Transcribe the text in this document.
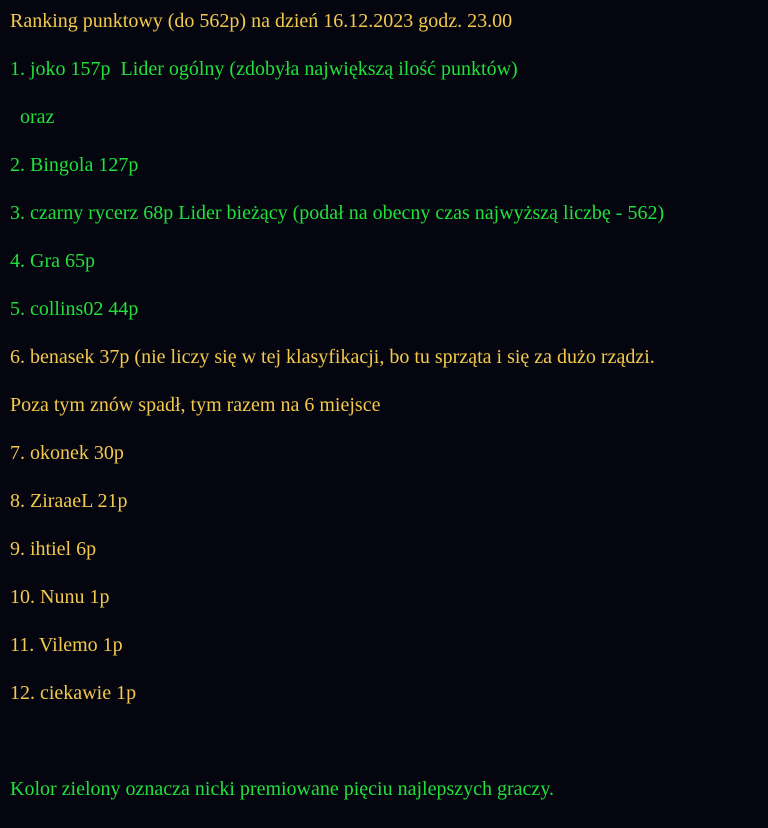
Ranking punktowy (do 562p) na dzień 16.12.2023 godz. 23.00
1. joko 157p  Lider ogólny (zdobyła największą ilość punktów)
oraz
2. Bingola 127p
3. czarny rycerz 68p Lider bieżący (podał na obecny czas najwyższą liczbę - 562)
4. Gra 65p
5. collins02 44p
6. benasek 37p (nie liczy się w tej klasyfikacji, bo tu sprząta i się za dużo rządzi.
Poza tym znów spadł, tym razem na 6 miejsce
7. okonek 30p
8. ZiraaeL 21p
9. ihtiel 6p
10. Nunu 1p
11. Vilemo 1p
12. ciekawie 1p
Kolor zielony oznacza nicki premiowane pięciu najlepszych graczy.
